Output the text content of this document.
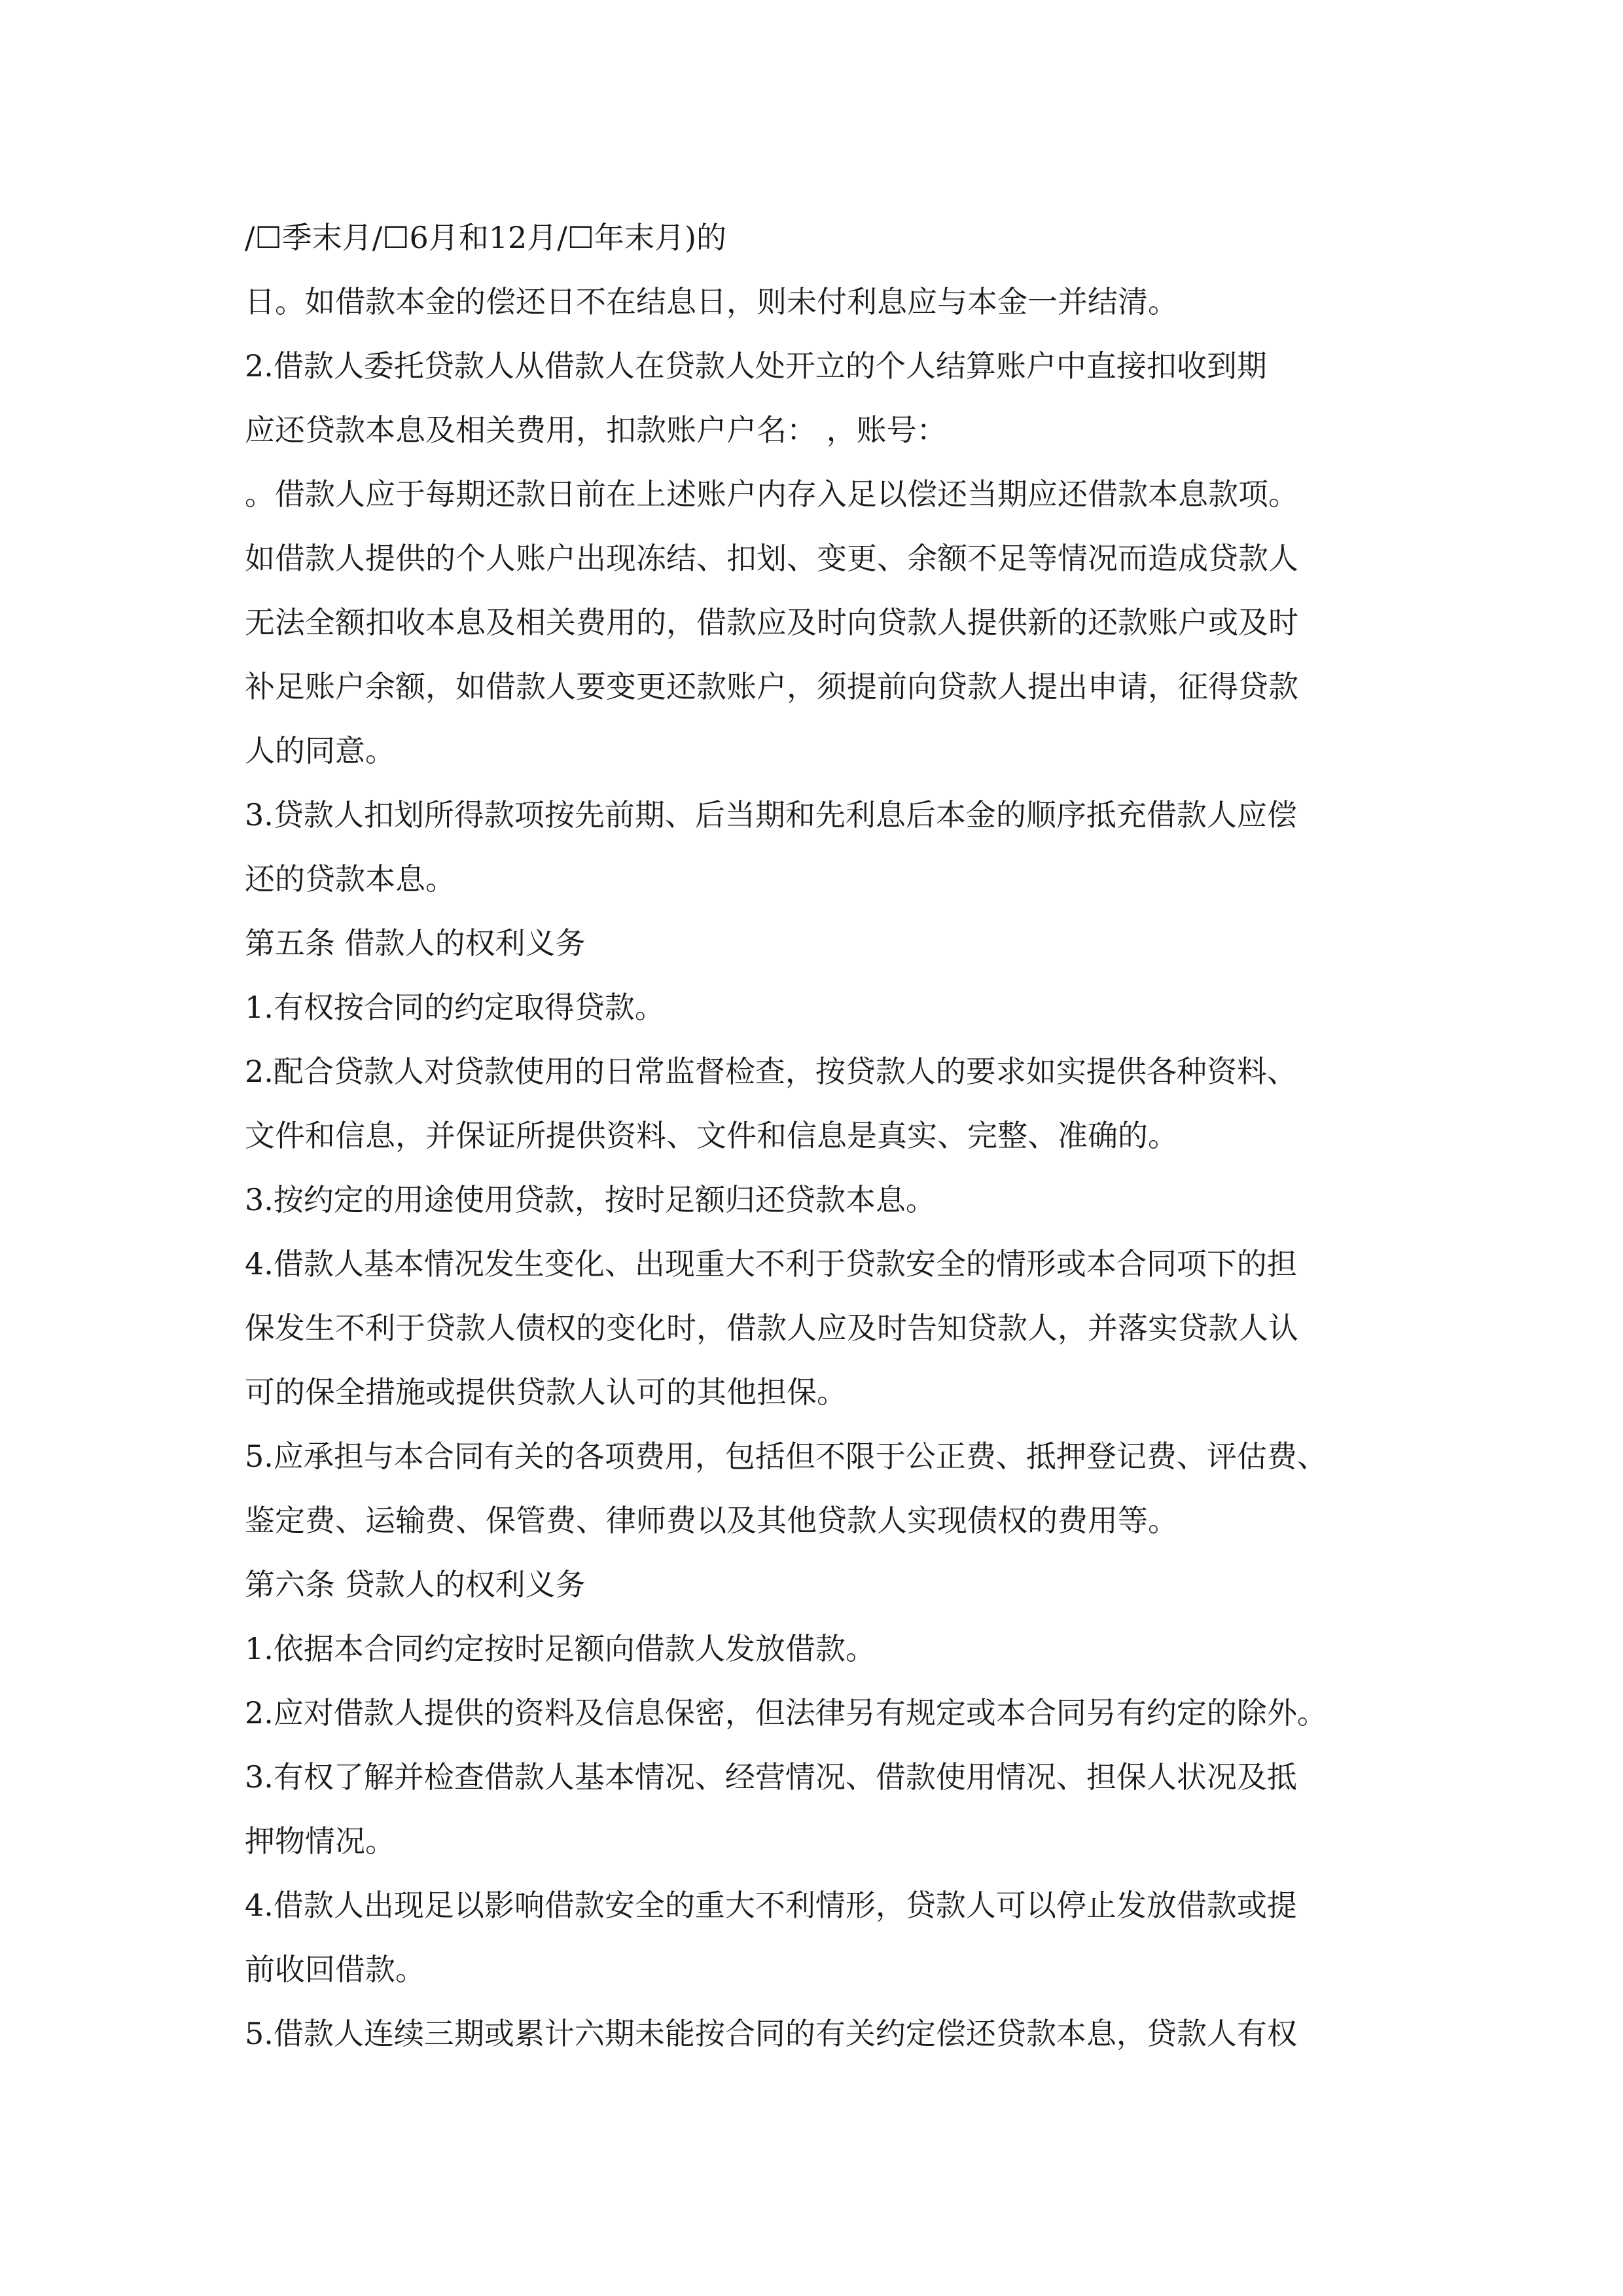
/☐季末月/☐6月和12月/☐年末月)的
日。如借款本金的偿还日不在结息日，则未付利息应与本金一并结清。
2.借款人委托贷款人从借款人在贷款人处开立的个人结算账户中直接扣收到期
应还贷款本息及相关费用，扣款账户户名： ，账号：
。借款人应于每期还款日前在上述账户内存入足以偿还当期应还借款本息款项。
如借款人提供的个人账户出现冻结、扣划、变更、余额不足等情况而造成贷款人
无法全额扣收本息及相关费用的，借款应及时向贷款人提供新的还款账户或及时
补足账户余额，如借款人要变更还款账户，须提前向贷款人提出申请，征得贷款
人的同意。
3.贷款人扣划所得款项按先前期、后当期和先利息后本金的顺序抵充借款人应偿
还的贷款本息。
第五条 借款人的权利义务
1.有权按合同的约定取得贷款。
2.配合贷款人对贷款使用的日常监督检查，按贷款人的要求如实提供各种资料、
文件和信息，并保证所提供资料、文件和信息是真实、完整、准确的。
3.按约定的用途使用贷款，按时足额归还贷款本息。
4.借款人基本情况发生变化、出现重大不利于贷款安全的情形或本合同项下的担
保发生不利于贷款人债权的变化时，借款人应及时告知贷款人，并落实贷款人认
可的保全措施或提供贷款人认可的其他担保。
5.应承担与本合同有关的各项费用，包括但不限于公正费、抵押登记费、评估费、
鉴定费、运输费、保管费、律师费以及其他贷款人实现债权的费用等。
第六条 贷款人的权利义务
1.依据本合同约定按时足额向借款人发放借款。
2.应对借款人提供的资料及信息保密，但法律另有规定或本合同另有约定的除外。
3.有权了解并检查借款人基本情况、经营情况、借款使用情况、担保人状况及抵
押物情况。
4.借款人出现足以影响借款安全的重大不利情形，贷款人可以停止发放借款或提
前收回借款。
5.借款人连续三期或累计六期未能按合同的有关约定偿还贷款本息，贷款人有权
